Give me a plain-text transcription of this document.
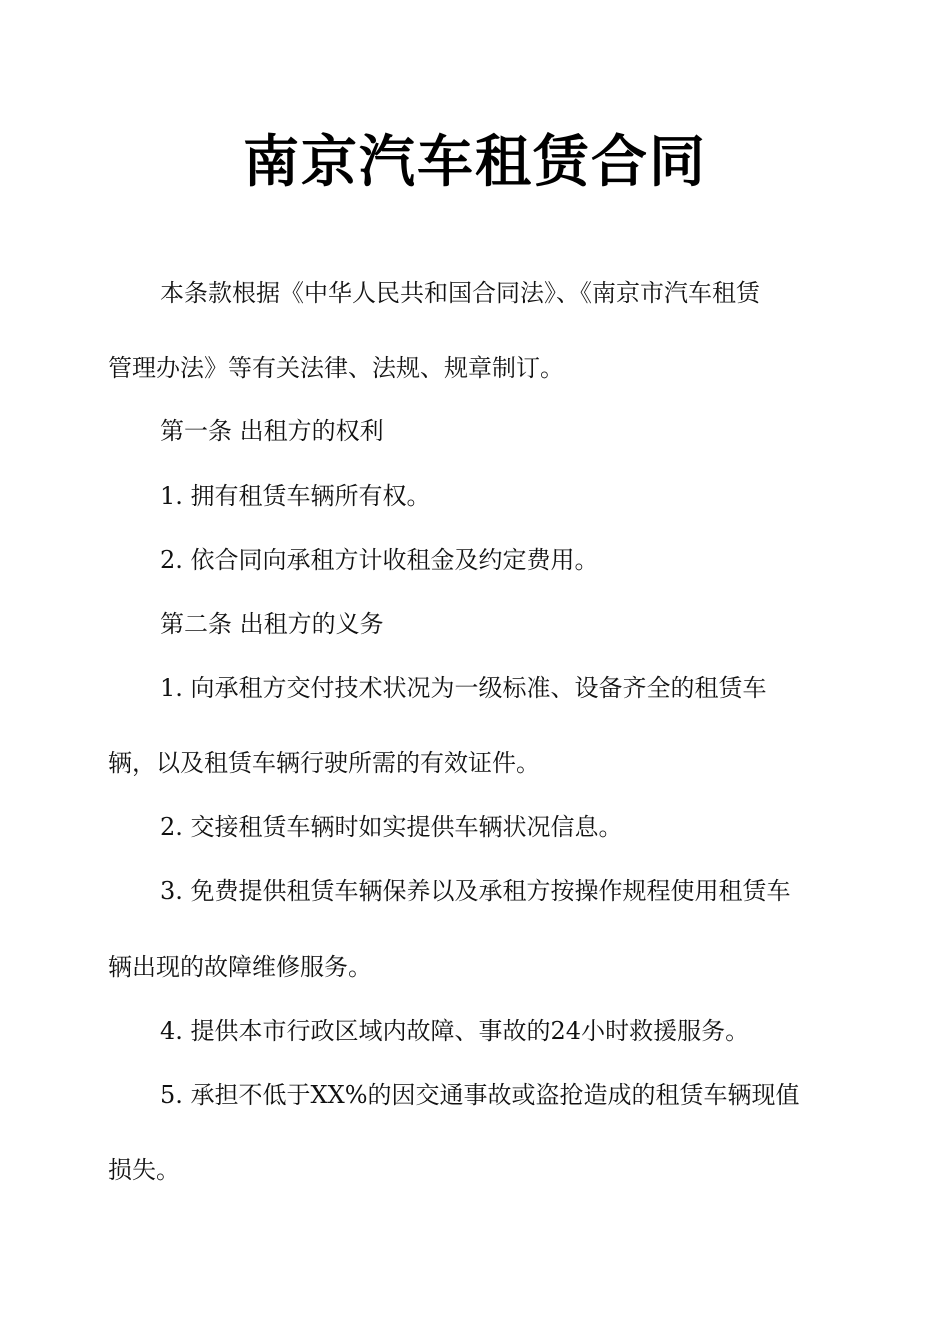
南京汽车租赁合同

本条款根据《中华人民共和国合同法》、《南京市汽车租赁

管理办法》等有关法律、法规、规章制订。

第一条 出租方的权利

1. 拥有租赁车辆所有权。

2. 依合同向承租方计收租金及约定费用。

第二条 出租方的义务

1. 向承租方交付技术状况为一级标准、设备齐全的租赁车

辆，以及租赁车辆行驶所需的有效证件。

2. 交接租赁车辆时如实提供车辆状况信息。

3. 免费提供租赁车辆保养以及承租方按操作规程使用租赁车

辆出现的故障维修服务。

4. 提供本市行政区域内故障、事故的24小时救援服务。

5. 承担不低于XX%的因交通事故或盗抢造成的租赁车辆现值

损失。
